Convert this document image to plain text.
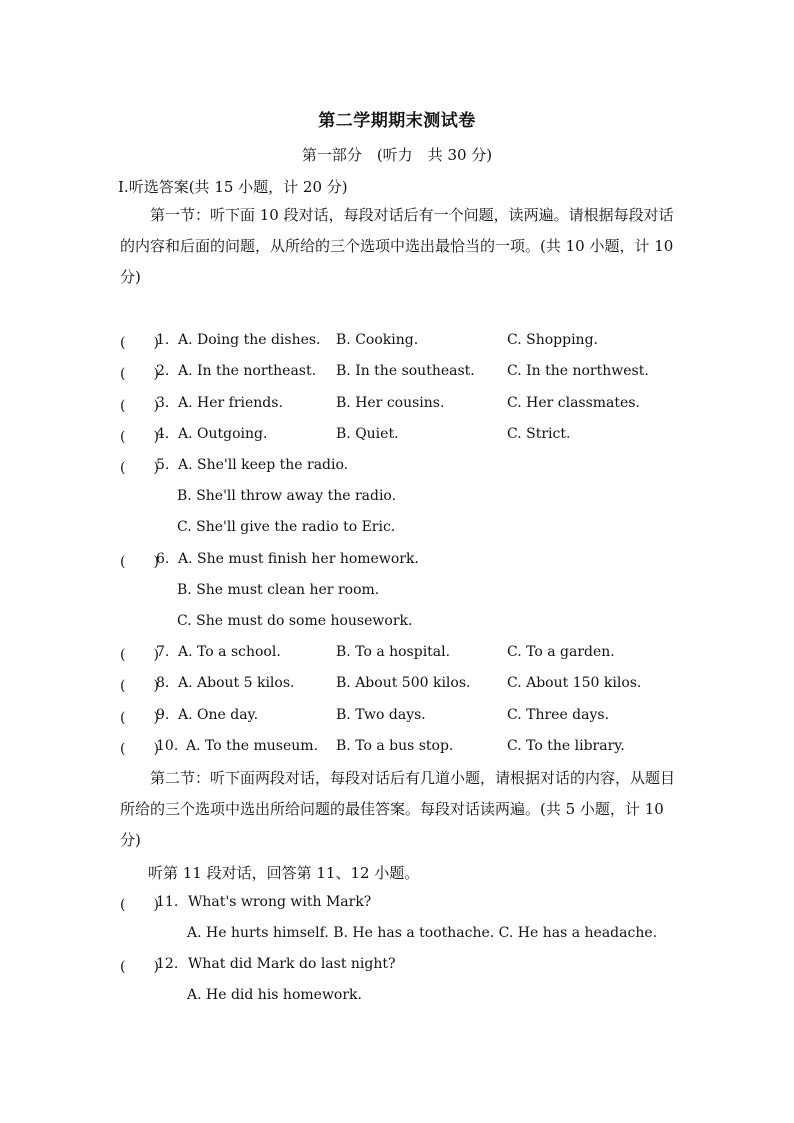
第二学期期末测试卷
第一部分　(听力　共 30 分)
Ⅰ.听选答案(共 15 小题，计 20 分)
第一节：听下面 10 段对话，每段对话后有一个问题，读两遍。请根据每段对话的内容和后面的问题，从所给的三个选项中选出最恰当的一项。(共 10 小题，计 10 分)
(　　)
1. A. Doing the dishes. B. Cooking.	C. Shopping.
(　　)
2. A. In the northeast. B. In the southeast. C. In the northwest.
(　　)
3. A. Her friends.	B. Her cousins.	C. Her classmates.
(　　)
4. A. Outgoing.	B. Quiet.	C. Strict.
(　　)
5. A. She'll keep the radio.
B. She'll throw away the radio.
C. She'll give the radio to Eric.
(　　)
6. A. She must finish her homework.
B. She must clean her room.
C. She must do some housework.
(　　)
7. A. To a school.	B. To a hospital.	C. To a garden.
(　　)
8. A. About 5 kilos.	B. About 500 kilos.	C. About 150 kilos.
(　　)
9. A. One day.	B. Two days.	C. Three days.
(　　)
10. A. To the museum. B. To a bus stop.	C. To the library.
第二节：听下面两段对话，每段对话后有几道小题，请根据对话的内容，从题目所给的三个选项中选出所给问题的最佳答案。每段对话读两遍。(共 5 小题，计 10 分)
听第 11 段对话，回答第 11、12 小题。
(　　)
11. What's wrong with Mark?
A. He hurts himself. B. He has a toothache. C. He has a headache.
(　　)
12. What did Mark do last night?
A. He did his homework.
